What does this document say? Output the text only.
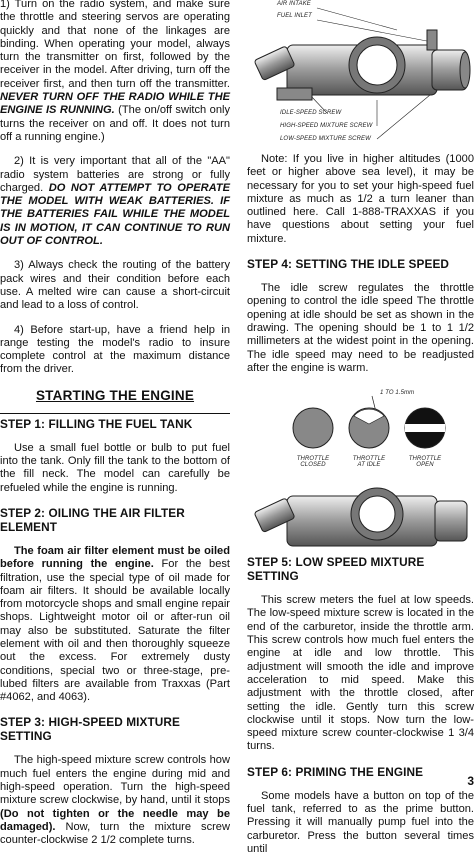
1) Turn on the radio system, and make sure the throttle and steering servos are operating quickly and that none of the linkages are binding. When operating your model, always turn the transmitter on first, followed by the receiver in the model. After driving, turn off the receiver first, and then turn off the transmitter. NEVER TURN OFF THE RADIO WHILE THE ENGINE IS RUNNING. (The on/off switch only turns the receiver on and off. It does not turn off a running engine.)

2) It is very important that all of the "AA" radio system batteries are strong or fully charged. DO NOT ATTEMPT TO OPERATE THE MODEL WITH WEAK BATTERIES. IF THE BATTERIES FAIL WHILE THE MODEL IS IN MOTION, IT CAN CONTINUE TO RUN OUT OF CONTROL.

3) Always check the routing of the battery pack wires and their condition before each use. A melted wire can cause a short-circuit and lead to a loss of control.

4) Before start-up, have a friend help in range testing the model's radio to insure complete control at the maximum distance from the driver.

STARTING THE ENGINE
STEP 1: FILLING THE FUEL TANK

Use a small fuel bottle or bulb to put fuel into the tank. Only fill the tank to the bottom of the fill neck. The model can carefully be refueled while the engine is running.

STEP 2: OILING THE AIR FILTER ELEMENT

The foam air filter element must be oiled before running the engine. For the best filtration, use the special type of oil made for foam air filters. It should be available locally from motorcycle shops and small engine repair shops. Lightweight motor oil or after-run oil may also be substituted. Saturate the filter element with oil and then thoroughly squeeze out the excess. For extremely dusty conditions, special two or three-stage, pre-lubed filters are available from Traxxas (Part #4062, and 4063).

STEP 3: HIGH-SPEED MIXTURE SETTING

The high-speed mixture screw controls how much fuel enters the engine during mid and high-speed operation. Turn the high-speed mixture screw clockwise, by hand, until it stops (Do not tighten or the needle may be damaged). Now, turn the mixture screw counter-clockwise 2 1/2 complete turns.

AIR INTAKE
FUEL INLET
IDLE-SPEED SCREW
HIGH-SPEED MIXTURE SCREW
LOW-SPEED MIXTURE SCREW

Note: If you live in higher altitudes (1000 feet or higher above sea level), it may be necessary for you to set your high-speed fuel mixture as much as 1/2 a turn leaner than outlined here. Call 1-888-TRAXXAS if you have questions about setting your fuel mixture.

STEP 4: SETTING THE IDLE SPEED

The idle screw regulates the throttle opening to control the idle speed The throttle opening at idle should be set as shown in the drawing. The opening should be 1 to 1 1/2 millimeters at the widest point in the opening. The idle speed may need to be readjusted after the engine is warm.

1 TO 1.5mm
THROTTLE CLOSED
THROTTLE AT IDLE
THROTTLE OPEN
STEP 5: LOW SPEED MIXTURE SETTING

This screw meters the fuel at low speeds. The low-speed mixture screw is located in the end of the carburetor, inside the throttle arm. This screw controls how much fuel enters the engine at idle and low throttle. This adjustment will smooth the idle and improve acceleration to mid speed. Make this adjustment with the throttle closed, after setting the idle. Gently turn this screw clockwise until it stops. Now turn the low-speed mixture screw counter-clockwise 1 3/4 turns.

STEP 6: PRIMING THE ENGINE

Some models have a button on top of the fuel tank, referred to as the prime button. Pressing it will manually pump fuel into the carburetor. Press the button several times until

3
